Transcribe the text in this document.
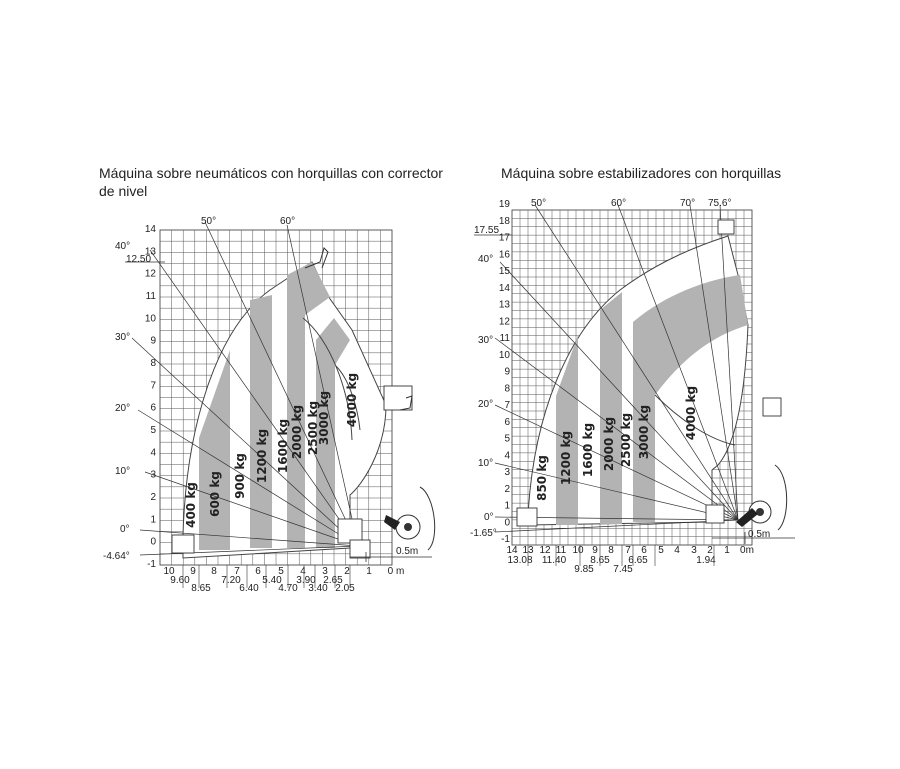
Máquina sobre neumáticos con horquillas con corrector de nivel
Máquina sobre estabilizadores con horquillas
50°	60°
40°
30°
20°
10°
0°
-4.64°
12.50
-1
0
1
2
3
4
5
6
7
8
9
10
11
12
13
14
10 9 8 7 6 5 4 3 2 1 0 m
9.60
8.65
7.20
6.40
5.40
4.70
3.90
3.40
2.65
2.05
0.5m
400 kg 600 kg 900 kg 1200 kg 1600 kg 2000 kg 2500 kg
3000 kg 4000 kg
50°	60°	70° 75.6°
40°
30°
20°
10°
0°
-1.65°
17.55
-1
0
1
2
3
4
5
6
7
8
9
10
11
12
13
14
15
16
17
18
19
14 13 12 11 10 9 8 7 6 5 4 3 2 1 0m
13.08 11.40
9.85
8.65
7.45
6.65	1.94
0.5m
850 kg 1200 kg 1600 kg 2000 kg 2500 kg 3000 kg	4000 kg
